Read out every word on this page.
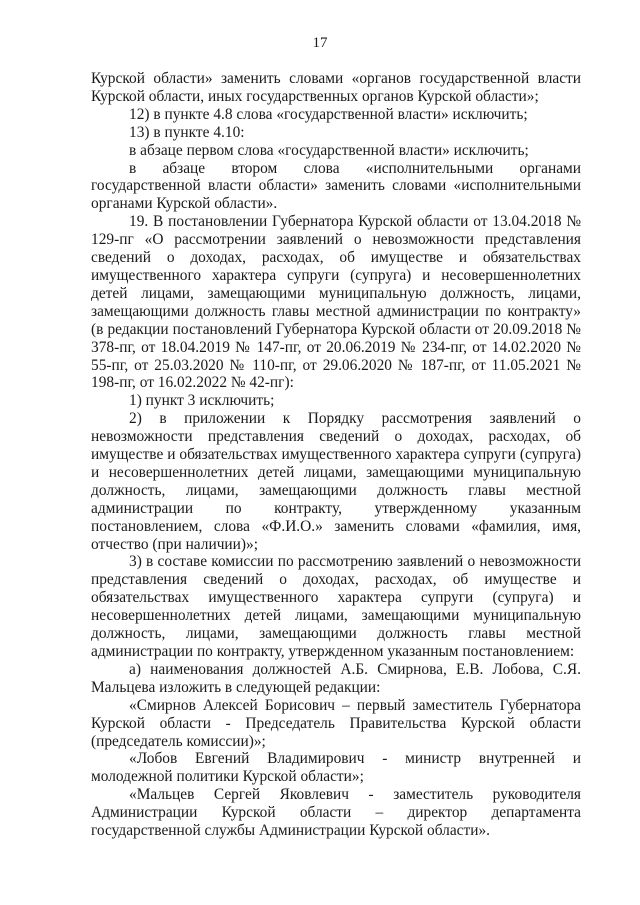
17

Курской области» заменить словами «органов государственной власти Курской области, иных государственных органов Курской области»;

12) в пункте 4.8 слова «государственной власти» исключить;

13) в пункте 4.10:

в абзаце первом слова «государственной власти» исключить;

в абзаце втором слова «исполнительными органами государственной власти области» заменить словами «исполнительными органами Курской области».

19. В постановлении Губернатора Курской области от 13.04.2018 № 129-пг «О рассмотрении заявлений о невозможности представления сведений о доходах, расходах, об имуществе и обязательствах имущественного характера супруги (супруга) и несовершеннолетних детей лицами, замещающими муниципальную должность, лицами, замещающими должность главы местной администрации по контракту» (в редакции постановлений Губернатора Курской области от 20.09.2018 № 378-пг, от 18.04.2019 № 147-пг, от 20.06.2019 № 234-пг, от 14.02.2020 № 55-пг, от 25.03.2020 № 110-пг, от 29.06.2020 № 187-пг, от 11.05.2021 № 198-пг, от 16.02.2022 № 42-пг):

1) пункт 3 исключить;

2) в приложении к Порядку рассмотрения заявлений о невозможности представления сведений о доходах, расходах, об имуществе и обязательствах имущественного характера супруги (супруга) и несовершеннолетних детей лицами, замещающими муниципальную должность, лицами, замещающими должность главы местной администрации по контракту, утвержденному указанным постановлением, слова «Ф.И.О.» заменить словами «фамилия, имя, отчество (при наличии)»;

3) в составе комиссии по рассмотрению заявлений о невозможности представления сведений о доходах, расходах, об имуществе и обязательствах имущественного характера супруги (супруга) и несовершеннолетних детей лицами, замещающими муниципальную должность, лицами, замещающими должность главы местной администрации по контракту, утвержденном указанным постановлением:

а) наименования должностей А.Б. Смирнова, Е.В. Лобова, С.Я. Мальцева изложить в следующей редакции:

«Смирнов Алексей Борисович – первый заместитель Губернатора Курской области - Председатель Правительства Курской области (председатель комиссии)»;

«Лобов Евгений Владимирович - министр внутренней и молодежной политики Курской области»;

«Мальцев Сергей Яковлевич - заместитель руководителя Администрации Курской области – директор департамента государственной службы Администрации Курской области».
